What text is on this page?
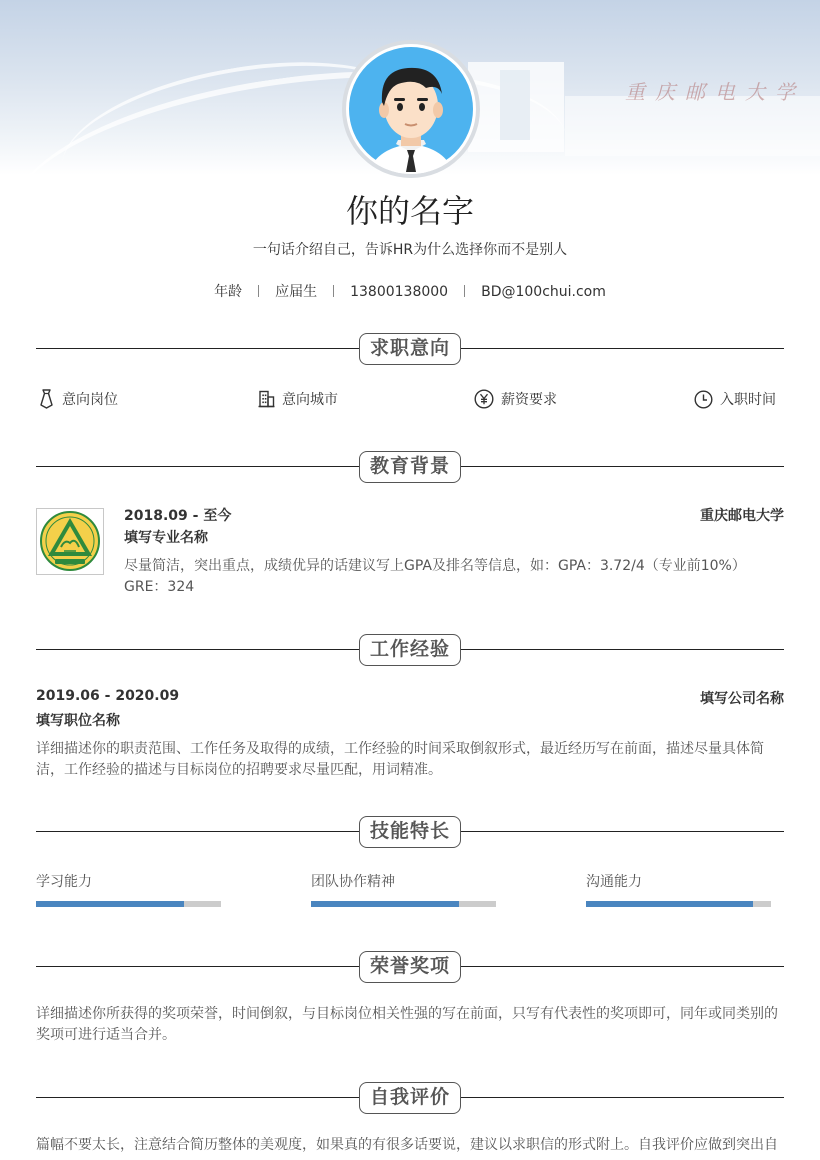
重庆邮电大学
你的名字
一句话介绍自己，告诉HR为什么选择你而不是别人
年龄 应届生 13800138000 BD@100chui.com
求职意向
意向岗位	意向城市	薪资要求	入职时间
教育背景
2018.09 - 至今	重庆邮电大学
填写专业名称
尽量简洁，突出重点，成绩优异的话建议写上GPA及排名等信息，如：GPA：3.72/4（专业前10%） GRE：324
工作经验
2019.06 - 2020.09	填写公司名称
填写职位名称
详细描述你的职责范围、工作任务及取得的成绩，工作经验的时间采取倒叙形式，最近经历写在前面，描述尽量具体简洁，工作经验的描述与目标岗位的招聘要求尽量匹配，用词精准。
技能特长
学习能力	团队协作精神	沟通能力
荣誉奖项
详细描述你所获得的奖项荣誉，时间倒叙，与目标岗位相关性强的写在前面，只写有代表性的奖项即可，同年或同类别的奖项可进行适当合并。
自我评价
篇幅不要太长，注意结合简历整体的美观度，如果真的有很多话要说，建议以求职信的形式附上。自我评价应做到突出自
